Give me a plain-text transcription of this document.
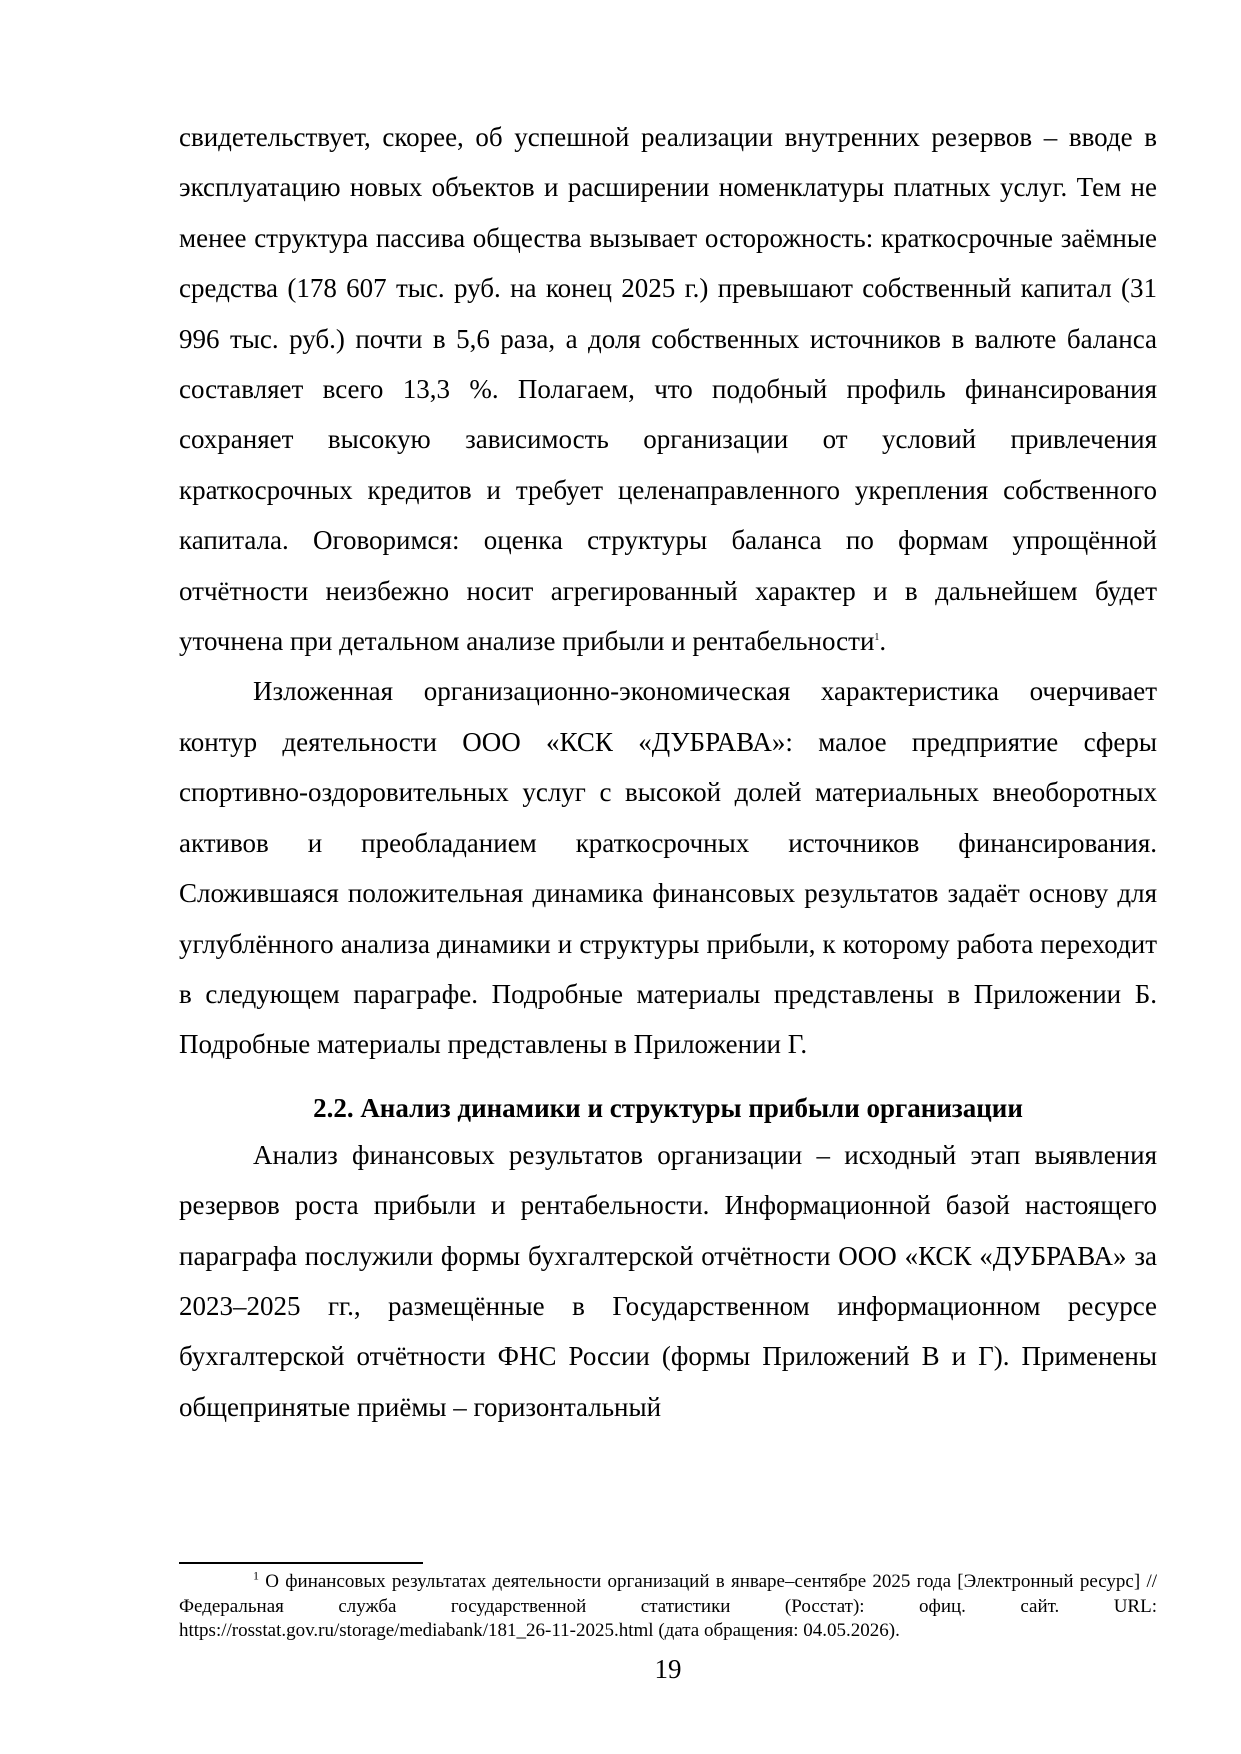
свидетельствует, скорее, об успешной реализации внутренних резервов – вводе в эксплуатацию новых объектов и расширении номенклатуры платных услуг. Тем не менее структура пассива общества вызывает осторожность: краткосрочные заёмные средства (178 607 тыс. руб. на конец 2025 г.) превышают собственный капитал (31 996 тыс. руб.) почти в 5,6 раза, а доля собственных источников в валюте баланса составляет всего 13,3 %. Полагаем, что подобный профиль финансирования сохраняет высокую зависимость организации от условий привлечения краткосрочных кредитов и требует целенаправленного укрепления собственного капитала. Оговоримся: оценка структуры баланса по формам упрощённой отчётности неизбежно носит агрегированный характер и в дальнейшем будет уточнена при детальном анализе прибыли и рентабельности$^1$.

Изложенная организационно-экономическая характеристика очерчивает контур деятельности ООО «КСК «ДУБРАВА»: малое предприятие сферы спортивно-оздоровительных услуг с высокой долей материальных внеоборотных активов и преобладанием краткосрочных источников финансирования. Сложившаяся положительная динамика финансовых результатов задаёт основу для углублённого анализа динамики и структуры прибыли, к которому работа переходит в следующем параграфе. Подробные материалы представлены в Приложении Б. Подробные материалы представлены в Приложении Г.

2.2. Анализ динамики и структуры прибыли организации

Анализ финансовых результатов организации – исходный этап выявления резервов роста прибыли и рентабельности. Информационной базой настоящего параграфа послужили формы бухгалтерской отчётности ООО «КСК «ДУБРАВА» за 2023–2025 гг., размещённые в Государственном информационном ресурсе бухгалтерской отчётности ФНС России (формы Приложений В и Г). Применены общепринятые приёмы – горизонтальный

$^1$ О финансовых результатах деятельности организаций в январе–сентябре 2025 года [Электронный ресурс] // Федеральная служба государственной статистики (Росстат): офиц. сайт. URL: https://rosstat.gov.ru/storage/mediabank/181_26-11-2025.html (дата обращения: 04.05.2026).

19
